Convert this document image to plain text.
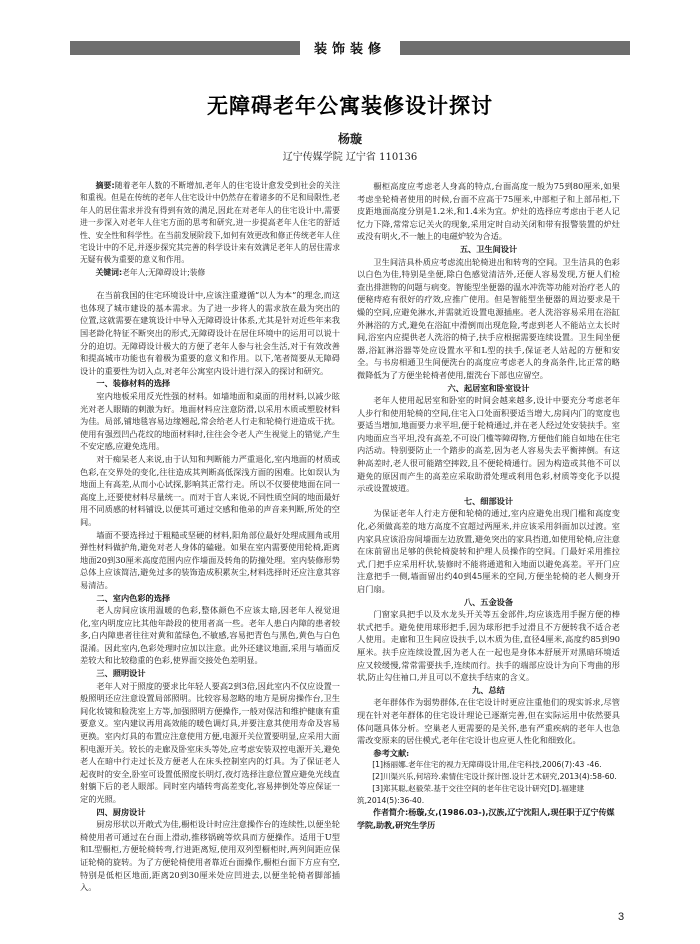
装饰装修
无障碍老年公寓装修设计探讨
杨璇
辽宁传媒学院 辽宁省 110136

摘要:随着老年人数的不断增加,老年人的住宅设计愈发受到社会的关注和重视。但是在传统的老年人住宅设计中仍然存在着诸多的不足和局限性,老年人的居住需求并没有得到有效的满足,因此在对老年人的住宅设计中,需要进一步深入对老年人住宅方面的思考和研究,进一步提高老年人住宅的舒适性、安全性和科学性。在当前发展阶段下,如何有效更改和修正传统老年人住宅设计中的不足,并逐步探究其完善的科学设计来有效满足老年人的居住需求无疑有极为重要的意义和作用。

关键词:老年人;无障碍设计;装修

在当前我国的住宅环境设计中,应该注重遵循“以人为本”的理念,而这也体现了城市建设的基本需求。为了进一步将人的需求放在最为突出的位置,这就需要在建筑设计中导入无障碍设计体系,尤其是针对近些年来我国老龄化特征不断突出的形式,无障碍设计在居住环境中的运用可以说十分的迫切。无障碍设计极大的方便了老年人参与社会生活,对于有效改善和提高城市功能也有着极为重要的意义和作用。以下,笔者简要从无障碍设计的重要性为切入点,对老年公寓室内设计进行深入的探讨和研究。

一、装修材料的选择

室内地板采用反光性强的材料。如墙地面和桌面的用材料,以减少眩光对老人眼睛的刺激为好。地面材料应注意防滑,以采用木质或塑胶材料为佳。局部,铺地毯容易边缘翘起,常会给老人行走和轮椅行进造成干扰。使用有强烈凹凸花纹的地面材料时,往往会令老人产生视觉上的错觉,产生不安定感,应避免选用。

对于痴呆老人来说,由于认知和判断能力严重退化,室内地面的材质或色彩,在交界处的变化,往往造成其判断高低深浅方面的困难。比如误认为地面上有高差,从而小心试探,影响其正常行走。所以不仅要使地面在同一高度上,还要使材料尽量统一。而对于盲人来说,不同性质空间的地面最好用不同质感的材料铺设,以便其可通过交感和他弟的声音来判断,所处的空间。

墙面不要选择过于粗糙或坚硬的材料,阳角部位最好处理成圆角或用弹性材料做护角,避免对老人身体的磕碰。如果在室内需要使用轮椅,距离地面20到30厘米高度范围内应作墙面及转角的防撞处理。室内装修形势总体上应该简洁,避免过多的装饰造成积累灰尘,材料选择时还应注意其容易清洁。

二、室内色彩的选择

老人房间应该用温暖的色彩,整体颜色不应该太暗,因老年人视觉退化,室内明度应比其他年龄段的使用者高一些。老年人患白内障的患者较多,白内障患者往往对黄和蓝绿色,不敏感,容易把青色与黑色,黄色与白色混淆。因此室内,色彩处理时应加以注意。此外还建议地面,采用与墙面反差较大和比较稳重的色彩,使界面交接处色差明显。

三、照明设计

老年人对于照度的要求比年轻人要高2到3倍,因此室内不仅应设置一般照明还应注意设置局部照明。比较容易忽略的地方是厨房操作台,卫生间化妆镜和脸洗室上方等,加强照明方便操作,一般对保洁和维护健康有重要意义。室内建议再用高效能的暖色调灯具,并要注意其使用寿命及容易更换。室内灯具的布置应注意使用方便,电源开关位置要明显,应采用大面积电源开关。较长的走廊及卧室床头等处,应考虑安装双控电源开关,避免老人在暗中行走过长及方便老人在床头控制室内的灯具。为了保证老人起夜时的安全,卧室可设置低照度长明灯,夜灯选择注意位置应避免光线直射躺下后的老人眼部。同时室内墙转弯高差变化,容易摔倒处等应保证一定的光照。

四、厨房设计

厨房形状以开敞式为佳,橱柜设计时应注意操作台的连续性,以便坐轮椅使用者可通过在台面上滑动,推移锅碗等炊具而方便操作。适用于U型和L型橱柜,方便轮椅转弯,行进距离短,使用双列型橱柜时,两列间距应保证轮椅的旋转。为了方便轮椅使用者靠近台面操作,橱柜台面下方应有空,特别是低柜区地面,距离20到30厘米处应凹进去,以便坐轮椅者脚部插入。

橱柜高度应考虑老人身高的特点,台面高度一般为75到80厘米,如果考虑坐轮椅者使用的时候,台面不应高于75厘米,中部柜子和上部吊柜,下皮距地面高度分别是1.2米,和1.4米为宜。炉灶的选择应考虑由于老人记忆力下降,常常忘记关火的现象,采用定时自动关闭和带有报警装置的炉灶或没有明火,不一触上的电磁炉较为合适。

五、卫生间设计

卫生间洁具朴质应考虑流出轮椅进出和转弯的空间。卫生洁具的色彩以白色为佳,特别是坐便,除白色感觉清洁外,还便人容易发现,方便人们检查出排泄物的问题与病变。智能型坐便器的温水冲洗等功能对治疗老人的便秘痔疮有很好的疗效,应推广使用。但是智能型坐便器的周边要求是干燥的空间,应避免淋水,并需就近设置电源插座。老人洗浴容易采用在浴缸外淋浴的方式,避免在浴缸中滑倒而出现危险,考虑到老人不能站立太长时间,浴室内应提供老人洗浴的椅子,扶手应根据需要连续设置。卫生间坐便器,浴缸淋浴器等处应设置水平和L型的扶手,保证老人站起的方便和安全。与书房相通卫生间便洗台的高度应考虑老人的身高条件,比正常的略微降低为了方便坐轮椅者使用,盥洗台下部也应留空。

六、起居室和卧室设计

老年人使用起居室和卧室的时间会越来越多,设计中要充分考虑老年人步行和使用轮椅的空间,住宅入口处面积要适当增大,房间内门的宽度也要适当增加,地面要力求平坦,便于轮椅通过,并在老人经过处安装扶手。室内地面应当平坦,没有高差,不可设门槛等障碍物,方便他们能自如地在住宅内活动。特别要防止一个踏步的高差,因为老人容易失去平衡摔倒。有这种高差时,老人很可能踏空摔跤,且不便轮椅通行。因为构造或其他不可以避免的原因而产生的高差应采取助滑处理或利用色彩,材质等变化予以提示或设置坡道。

七、细部设计

为保证老年人行走方便和轮椅的通过,室内应避免出现门槛和高度变化,必须做高差的地方高度不宜超过两厘米,并应该采用斜面加以过渡。室内家具应该沿房间墙面左边放置,避免突出的家具挡道,如使用轮椅,应注意在床前留出足够的供轮椅旋转和护理人员操作的空间。门最好采用推拉式,门把手应采用杆状,装修时不能将通道和入地面以避免高差。平开门应注意把手一侧,墙面留出约40到45厘米的空间,方便坐轮椅的老人侧身开启门扇。

八、五金设备

门窗家具把手以及水龙头开关等五金部件,均应该选用手握方便的棒状式把手。避免使用球形把手,因为球形把手过滑且不方便转我不适合老人使用。走廊和卫生间应设扶手,以木质为佳,直径4厘米,高度约85到90厘米。扶手应连续设置,因为老人在一起也是身体本舒展开对黑暗环境适应又较缓慢,常常需要扶手,连续而行。扶手的端部应设计为向下弯曲的形状,防止勾住袖口,并且可以不意扶手结束的含义。

九、总结

老年群体作为弱势群体,在住宅设计时更应注重他们的现实诉求,尽管现在针对老年群体的住宅设计理论已逐渐完善,但在实际运用中依然要具体问题具体分析。空巢老人更需要的是关怀,患有严重疾病的老年人也急需改变原来的居住模式,老年住宅设计也应更人性化和细致化。

参考文献:

[1]杨丽娜.老年住宅的视力无障碍设计用,住宅科技,2006(7):43 -46.

[2]川渠兴乐,何培玲.索情住宅设计探计图.设计艺术研究,2013(4):58-60.

[3]郑其聪,赵毅荣.基于交往空间的老年住宅设计研究[D].福建建筑,2014(5):36-40.

作者简介:杨璇,女,(1986.03-),汉族,辽宁沈阳人,现任职于辽宁传媒学院,助教,研究生学历

3
